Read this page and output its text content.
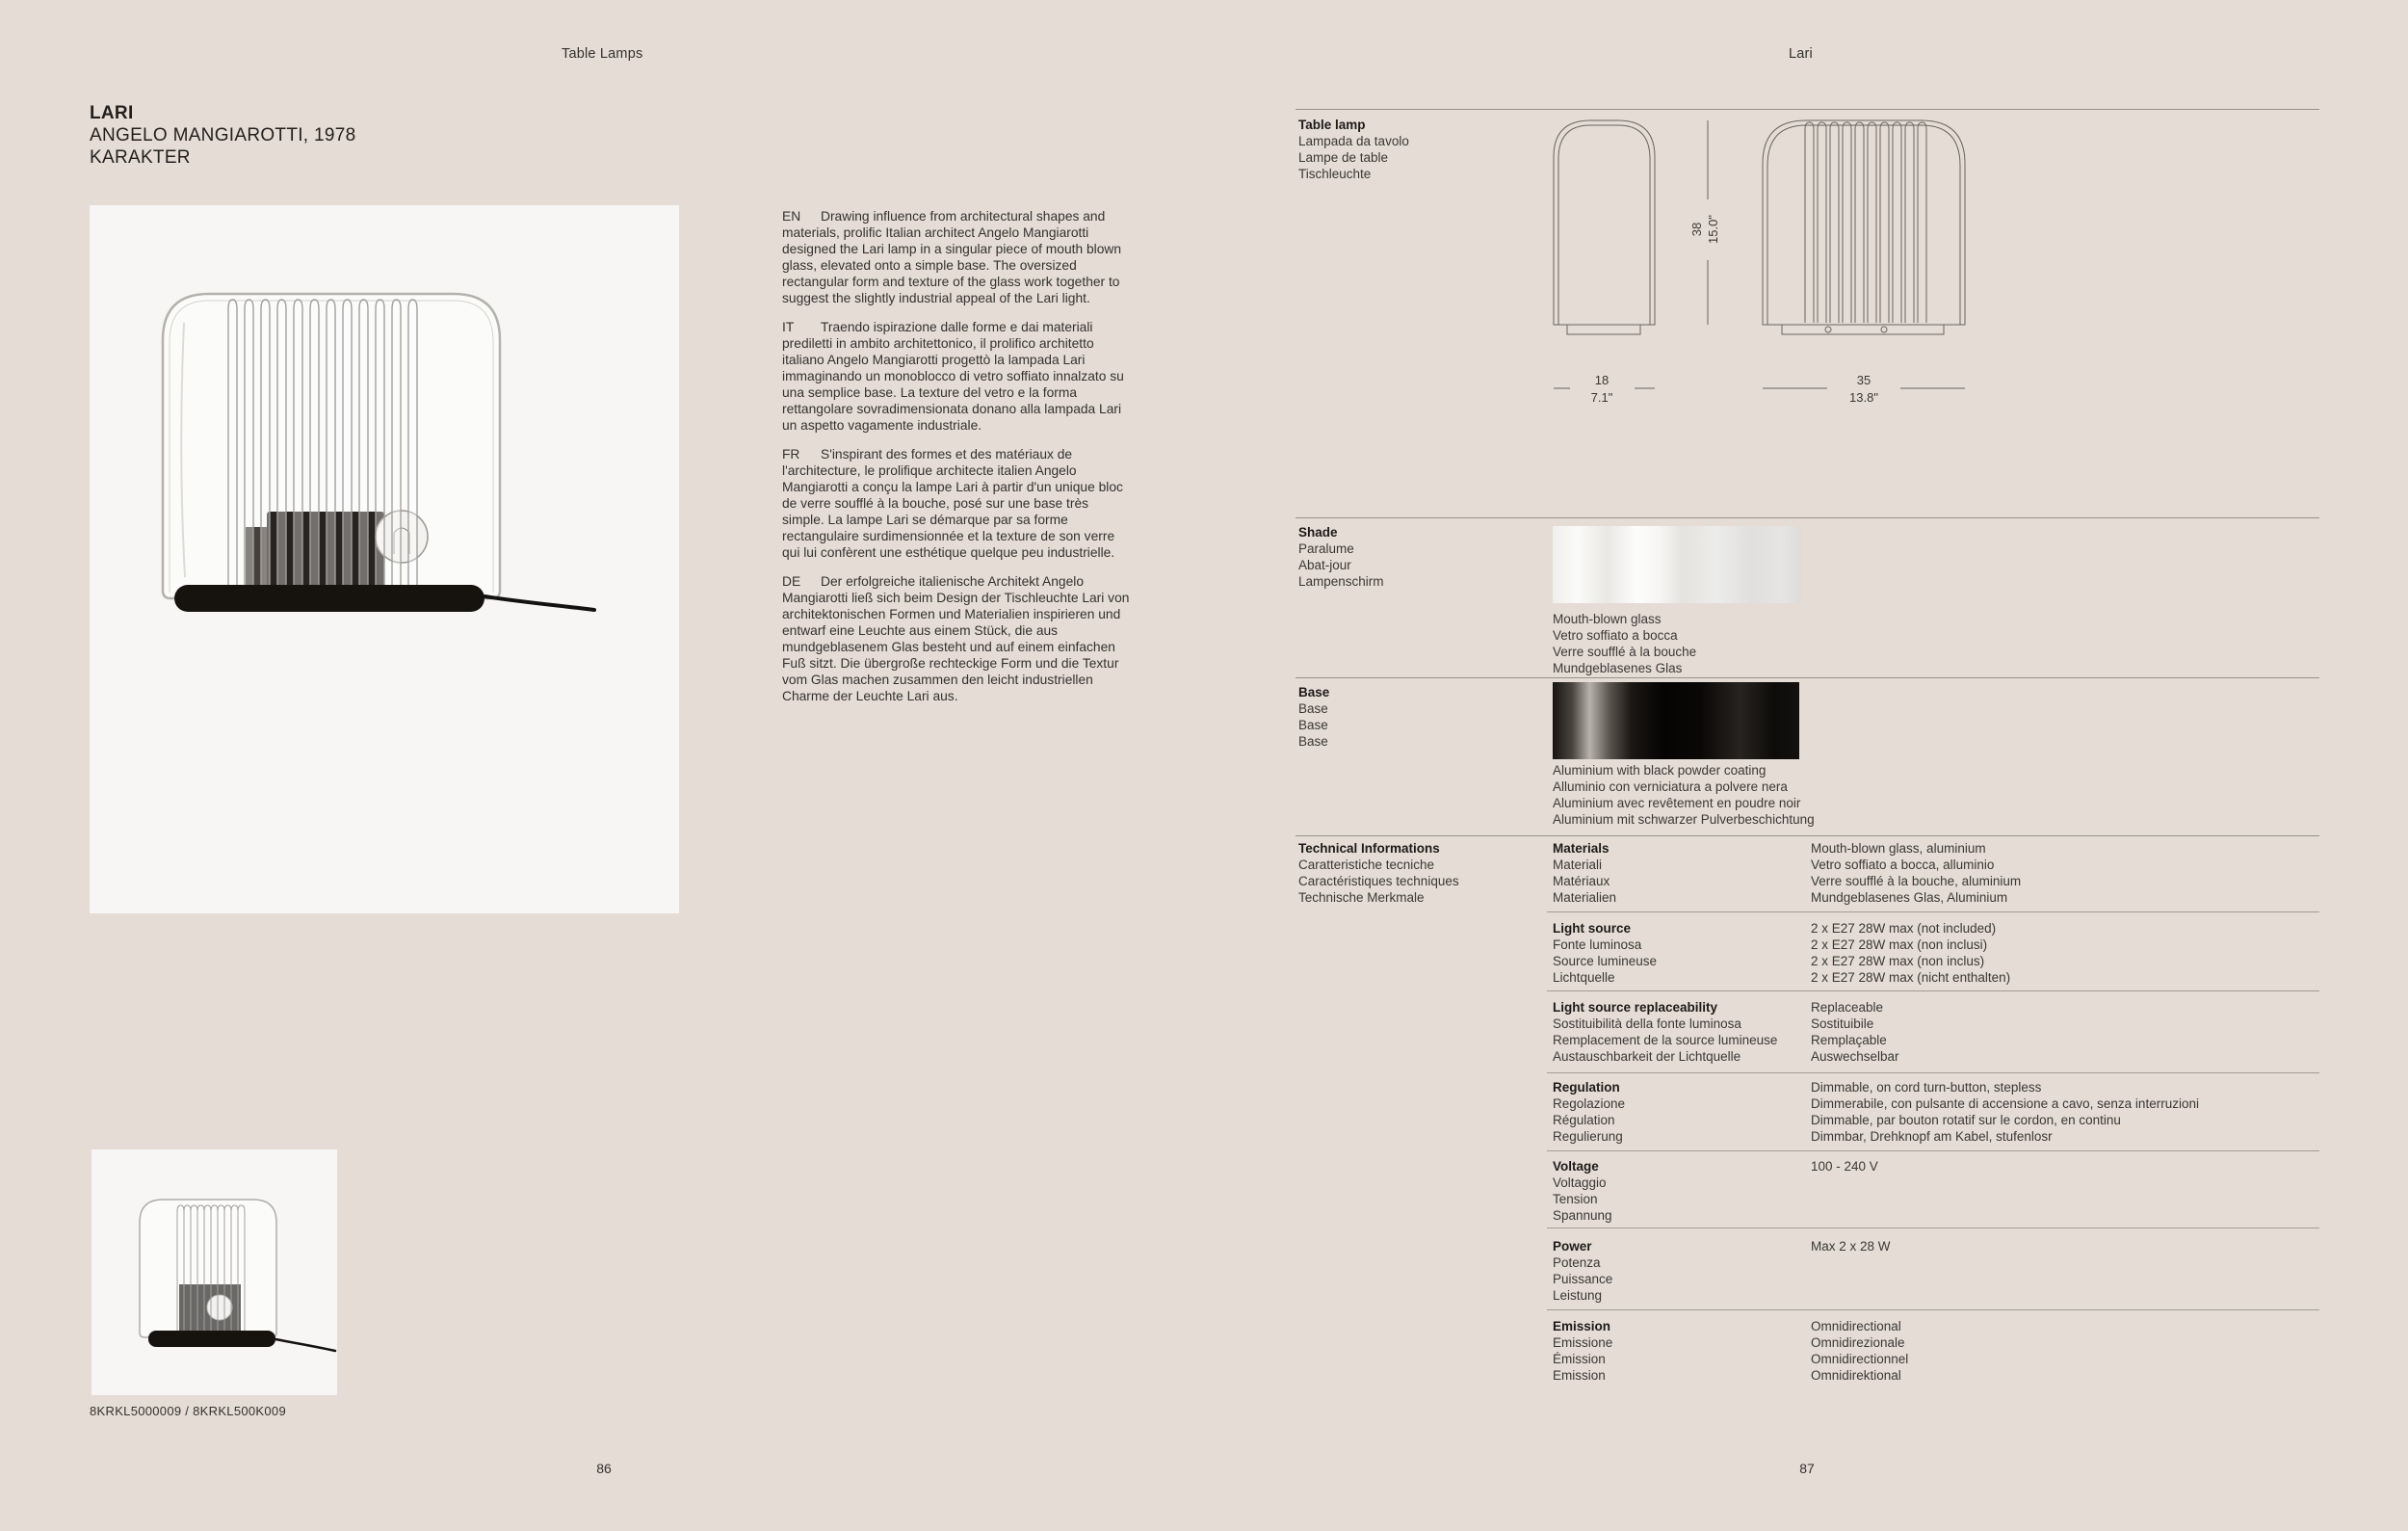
Table Lamps
LARI
ANGELO MANGIAROTTI, 1978
KARAKTER

EN Drawing influence from architectural shapes and materials, prolific Italian architect Angelo Mangiarotti designed the Lari lamp in a singular piece of mouth blown glass, elevated onto a simple base. The oversized rectangular form and texture of the glass work together to suggest the slightly industrial appeal of the Lari light.

IT Traendo ispirazione dalle forme e dai materiali prediletti in ambito architettonico, il prolifico architetto italiano Angelo Mangiarotti progettò la lampada Lari immaginando un monoblocco di vetro soffiato innalzato su una semplice base. La texture del vetro e la forma rettangolare sovradimensionata donano alla lampada Lari un aspetto vagamente industriale.

FR S'inspirant des formes et des matériaux de l'architecture, le prolifique architecte italien Angelo Mangiarotti a conçu la lampe Lari à partir d'un unique bloc de verre soufflé à la bouche, posé sur une base très simple. La lampe Lari se démarque par sa forme rectangulaire surdimensionnée et la texture de son verre qui lui confèrent une esthétique quelque peu industrielle.

DE Der erfolgreiche italienische Architekt Angelo Mangiarotti ließ sich beim Design der Tischleuchte Lari von architektonischen Formen und Materialien inspirieren und entwarf eine Leuchte aus einem Stück, die aus mundgeblasenem Glas besteht und auf einem einfachen Fuß sitzt. Die übergroße rechteckige Form und die Textur vom Glas machen zusammen den leicht industriellen Charme der Leuchte Lari aus.

8KRKL5000009 / 8KRKL500K009
86
Lari
Table lamp
Lampada da tavolo
Lampe de table
Tischleuchte
38 15.0"
18
7.1"
35
13.8"
Shade
Paralume
Abat-jour
Lampenschirm
Mouth-blown glass
Vetro soffiato a bocca
Verre soufflé à la bouche
Mundgeblasenes Glas
Base
Base
Base
Base
Aluminium with black powder coating
Alluminio con verniciatura a polvere nera
Aluminium avec revêtement en poudre noir
Aluminium mit schwarzer Pulverbeschichtung
Technical Informations
Caratteristiche tecniche
Caractéristiques techniques
Technische Merkmale
Materials
Materiali
Matériaux
Materialien
Mouth-blown glass, aluminium
Vetro soffiato a bocca, alluminio
Verre soufflé à la bouche, aluminium
Mundgeblasenes Glas, Aluminium
Light source
Fonte luminosa
Source lumineuse
Lichtquelle
2 x E27 28W max (not included)
2 x E27 28W max (non inclusi)
2 x E27 28W max (non inclus)
2 x E27 28W max (nicht enthalten)
Light source replaceability
Sostituibilità della fonte luminosa
Remplacement de la source lumineuse
Austauschbarkeit der Lichtquelle
Replaceable
Sostituibile
Remplaçable
Auswechselbar
Regulation
Regolazione
Régulation
Regulierung
Dimmable, on cord turn-button, stepless
Dimmerabile, con pulsante di accensione a cavo, senza interruzioni
Dimmable, par bouton rotatif sur le cordon, en continu
Dimmbar, Drehknopf am Kabel, stufenlosr
Voltage
Voltaggio
Tension
Spannung
100 - 240 V
Power
Potenza
Puissance
Leistung
Max 2 x 28 W
Emission
Emissione
Émission
Emission
Omnidirectional
Omnidirezionale
Omnidirectionnel
Omnidirektional
87
